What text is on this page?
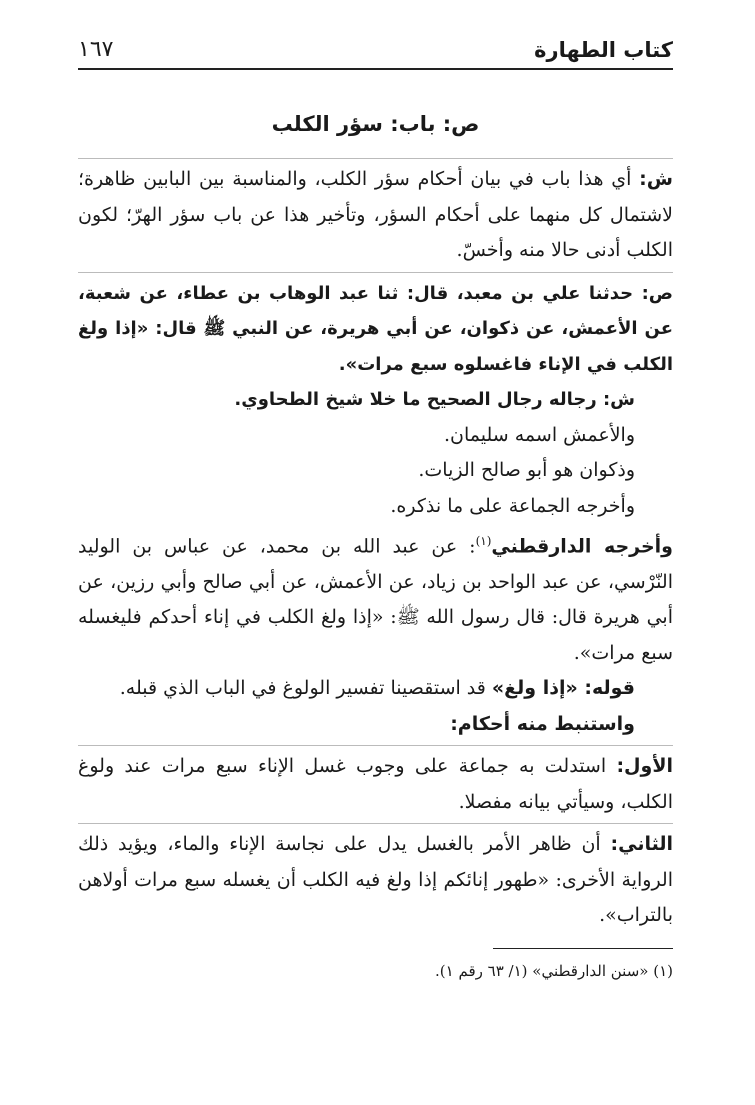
١٦٧	كتاب الطهارة
ص: باب: سؤر الكلب

ش: أي هذا باب في بيان أحكام سؤر الكلب، والمناسبة بين البابين ظاهرة؛ لاشتمال كل منهما على أحكام السؤر، وتأخير هذا عن باب سؤر الهرّ؛ لكون الكلب أدنى حالا منه وأخسّ.

ص: حدثنا علي بن معبد، قال: ثنا عبد الوهاب بن عطاء، عن شعبة، عن الأعمش، عن ذكوان، عن أبي هريرة، عن النبي ﷺ قال: «إذا ولغ الكلب في الإناء فاغسلوه سبع مرات».

ش: رجاله رجال الصحيح ما خلا شيخ الطحاوي.

والأعمش اسمه سليمان.

وذكوان هو أبو صالح الزيات.

وأخرجه الجماعة على ما نذكره.

وأخرجه الدارقطني$^{(١)}$: عن عبد الله بن محمد، عن عباس بن الوليد النّرْسي، عن عبد الواحد بن زياد، عن الأعمش، عن أبي صالح وأبي رزين، عن أبي هريرة قال: قال رسول الله ﷺ: «إذا ولغ الكلب في إناء أحدكم فليغسله سبع مرات».

قوله: «إذا ولغ» قد استقصينا تفسير الولوغ في الباب الذي قبله.

واستنبط منه أحكام:

الأول: استدلت به جماعة على وجوب غسل الإناء سبع مرات عند ولوغ الكلب، وسيأتي بيانه مفصلا.

الثاني: أن ظاهر الأمر بالغسل يدل على نجاسة الإناء والماء، ويؤيد ذلك الرواية الأخرى: «طهور إنائكم إذا ولغ فيه الكلب أن يغسله سبع مرات أولاهن بالتراب».

(١) «سنن الدارقطني» (١/ ٦٣ رقم ١).
